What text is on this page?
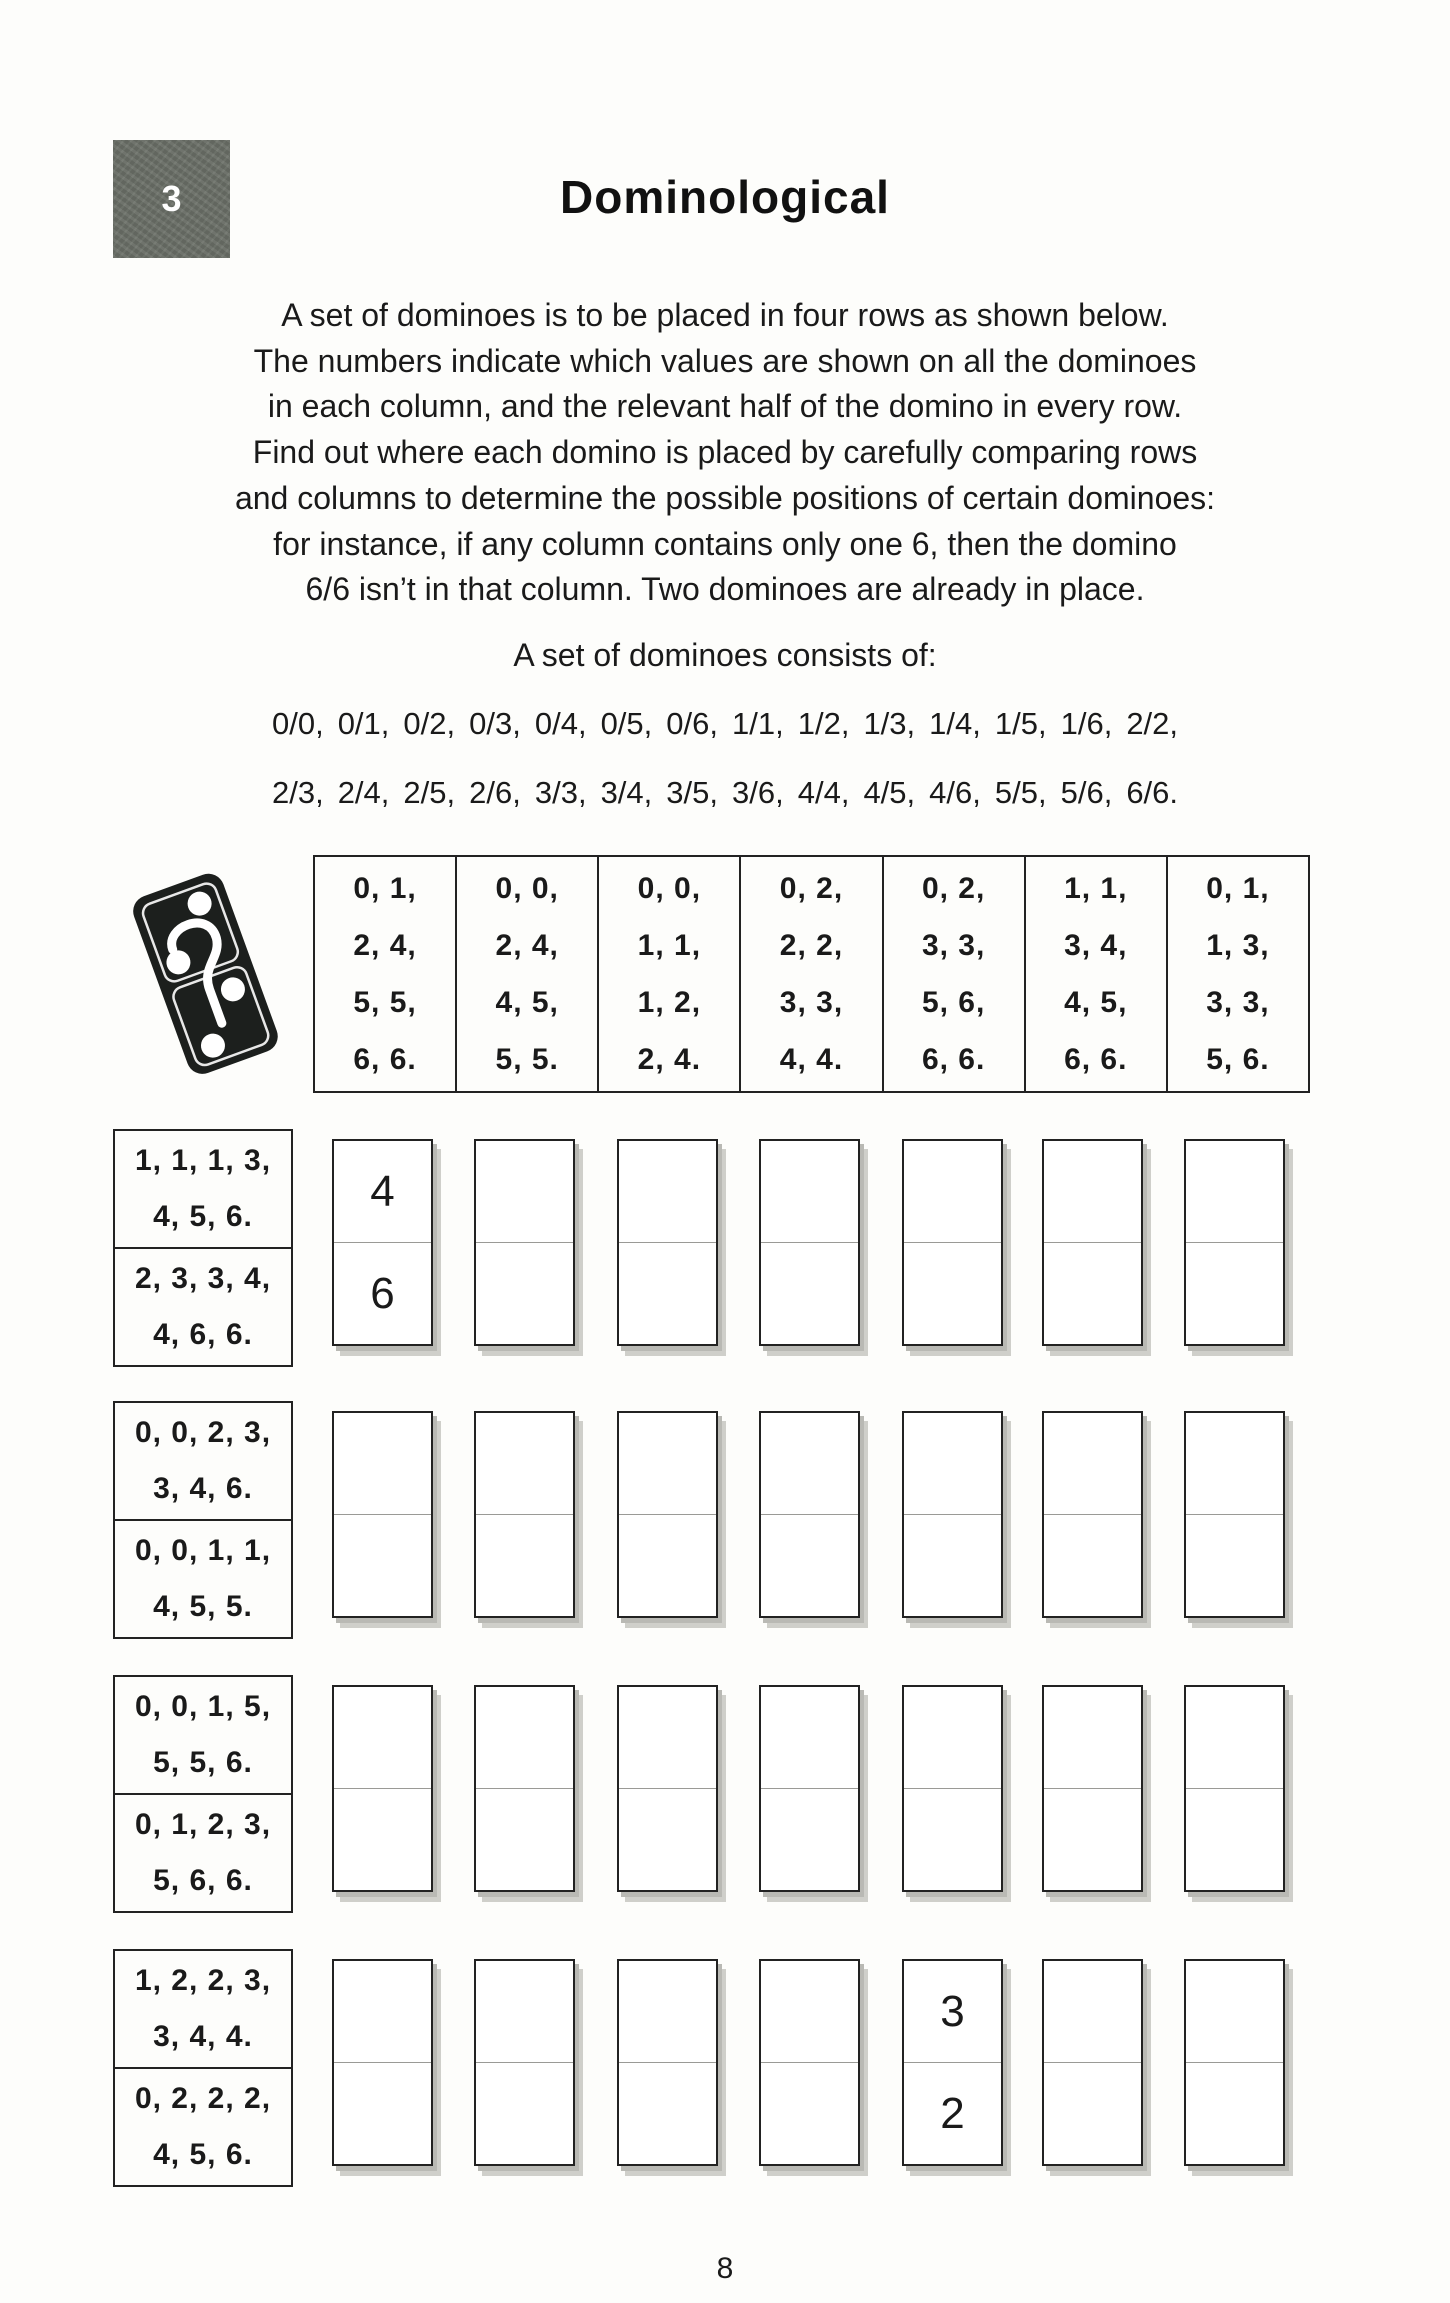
3	Dominological
A set of dominoes is to be placed in four rows as shown below.
The numbers indicate which values are shown on all the dominoes
in each column, and the relevant half of the domino in every row.
Find out where each domino is placed by carefully comparing rows
and columns to determine the possible positions of certain dominoes:
for instance, if any column contains only one 6, then the domino
6/6 isn’t in that column. Two dominoes are already in place.
A set of dominoes consists of:
0/0, 0/1, 0/2, 0/3, 0/4, 0/5, 0/6, 1/1, 1/2, 1/3, 1/4, 1/5, 1/6, 2/2,
2/3, 2/4, 2/5, 2/6, 3/3, 3/4, 3/5, 3/6, 4/4, 4/5, 4/6, 5/5, 5/6, 6/6.
0, 1,
2, 4,
5, 5,
6, 6.
0, 0,
2, 4,
4, 5,
5, 5.
0, 0,
1, 1,
1, 2,
2, 4.
0, 2,
2, 2,
3, 3,
4, 4.
0, 2,
3, 3,
5, 6,
6, 6.
1, 1,
3, 4,
4, 5,
6, 6.
0, 1,
1, 3,
3, 3,
5, 6.
1, 1, 1, 3,
4, 5, 6.
2, 3, 3, 4,
4, 6, 6.
4
6
0, 0, 2, 3,
3, 4, 6.
0, 0, 1, 1,
4, 5, 5.
0, 0, 1, 5,
5, 5, 6.
0, 1, 2, 3,
5, 6, 6.
1, 2, 2, 3,
3, 4, 4.
0, 2, 2, 2,
4, 5, 6.
3
2
8
